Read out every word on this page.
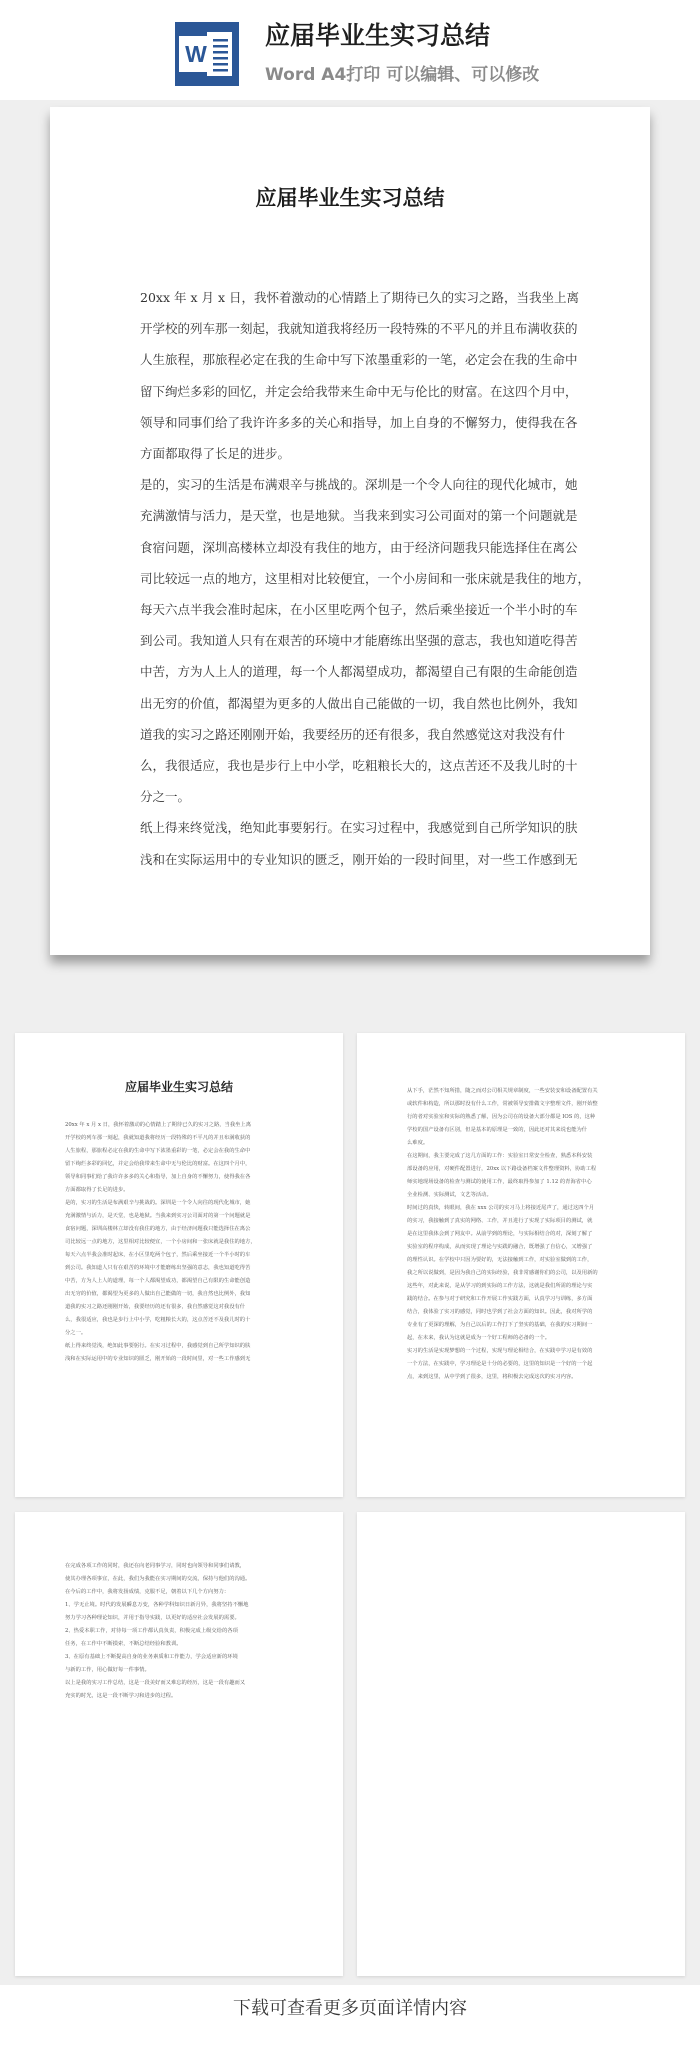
W
应届毕业生实习总结
Word A4打印 可以编辑、可以修改
应届毕业生实习总结

20xx 年 x 月 x 日，我怀着激动的心情踏上了期待已久的实习之路，当我坐上离

开学校的列车那一刻起，我就知道我将经历一段特殊的不平凡的并且布满收获的

人生旅程，那旅程必定在我的生命中写下浓墨重彩的一笔，必定会在我的生命中

留下绚烂多彩的回忆，并定会给我带来生命中无与伦比的财富。在这四个月中，

领导和同事们给了我许许多多的关心和指导，加上自身的不懈努力，使得我在各

方面都取得了长足的进步。

是的，实习的生活是布满艰辛与挑战的。深圳是一个令人向往的现代化城市，她

充满激情与活力，是天堂，也是地狱。当我来到实习公司面对的第一个问题就是

食宿问题，深圳高楼林立却没有我住的地方，由于经济问题我只能选择住在离公

司比较远一点的地方，这里相对比较便宜，一个小房间和一张床就是我住的地方，

每天六点半我会准时起床，在小区里吃两个包子，然后乘坐接近一个半小时的车

到公司。我知道人只有在艰苦的环境中才能磨练出坚强的意志，我也知道吃得苦

中苦，方为人上人的道理，每一个人都渴望成功，都渴望自己有限的生命能创造

出无穷的价值，都渴望为更多的人做出自己能做的一切，我自然也比例外，我知

道我的实习之路还刚刚开始，我要经历的还有很多，我自然感觉这对我没有什

么，我很适应，我也是步行上中小学，吃粗粮长大的，这点苦还不及我儿时的十

分之一。

纸上得来终觉浅，绝知此事要躬行。在实习过程中，我感觉到自己所学知识的肤

浅和在实际运用中的专业知识的匮乏，刚开始的一段时间里，对一些工作感到无

应届毕业生实习总结

20xx 年 x 月 x 日，我怀着激动的心情踏上了期待已久的实习之路，当我坐上离

开学校的列车那一刻起，我就知道我将经历一段特殊的不平凡的并且布满收获的

人生旅程，那旅程必定在我的生命中写下浓墨重彩的一笔，必定会在我的生命中

留下绚烂多彩的回忆，并定会给我带来生命中无与伦比的财富。在这四个月中，

领导和同事们给了我许许多多的关心和指导，加上自身的不懈努力，使得我在各

方面都取得了长足的进步。

是的，实习的生活是布满艰辛与挑战的。深圳是一个令人向往的现代化城市，她

充满激情与活力，是天堂，也是地狱。当我来到实习公司面对的第一个问题就是

食宿问题，深圳高楼林立却没有我住的地方，由于经济问题我只能选择住在离公

司比较远一点的地方，这里相对比较便宜，一个小房间和一张床就是我住的地方，

每天六点半我会准时起床，在小区里吃两个包子，然后乘坐接近一个半小时的车

到公司。我知道人只有在艰苦的环境中才能磨练出坚强的意志，我也知道吃得苦

中苦，方为人上人的道理，每一个人都渴望成功，都渴望自己有限的生命能创造

出无穷的价值，都渴望为更多的人做出自己能做的一切，我自然也比例外，我知

道我的实习之路还刚刚开始，我要经历的还有很多，我自然感觉这对我没有什

么，我很适应，我也是步行上中小学，吃粗粮长大的，这点苦还不及我儿时的十

分之一。

纸上得来终觉浅，绝知此事要躬行。在实习过程中，我感觉到自己所学知识的肤

浅和在实际运用中的专业知识的匮乏，刚开始的一段时间里，对一些工作感到无

从下手，茫然不知所措，随之而对公司相关规章制度，一些安装安和设备配置有关

或软件和构造，所以那时没有什么工作，常被领导安排做文字整理文件，刚开始整

行的者对实验室和实际的熟悉了解，因为公司在的设备大部分都是 IOS 的，这种

学校的国产设备有区别，但是基本的原理是一致的，因此还对其来说也能为什

么难度。

在这期间，我主要完成了这几方面的工作：实验室日常安全检查，熟悉本科安装

部设备的应用，对硬件配置进行，20xx 以下路设备档案文件整理资料，协助工程

师实地现场设备的检查与测试的使用工作，最终取得参加了 1.12 的青海省中心

全业检测、实际测试，文艺等活动。

时间过的真快，转眼间，我在 xxx 公司的实习马上将接近尾声了，通过这四个月

的实习，我接触到了真实的网络、工作，并且进行了实现了实际项目的测试，就

是在这里我体会到了网友中。从前学到的理论，与实际相结合的对，深刻了解了

实验室的程序构成，从而实现了理论与实践的融合，既增强了自信心，又增强了

的理性认识。在学校中只因为要好的，无法接触到工作，对实验室做到的工作，

我之所以说做到，是因为我自己的实际经验，我非常感谢你们的公司，以及用新的

这些年，对此来说，是从学习的到实际的工作方法，这就是我们所需的理论与实

践的结合。在参与对于研究和工作开展工作实践方面，认真学习与训练，多方面

结合，我体验了实习的感觉，同时也学到了社会方面的知识。因此，我对所学的

专业有了更深的理解，为自己以后的工作打下了坚实的基础，在我的实习期间一

起，在未来，我认为这就是成为一个好工程师的必备的一个。

实习的生活是实现梦想的一个过程，实现与理论相结合，在实践中学习是有效的

一个方法，在实践中，学习理论是十分的必要的，这里的知识是一个好的一个起

点，来到这里，从中学到了很多，这里，将积极去完成这次的实习内容。

在完成各项工作的同时，我还在向老同事学习，同时也向领导和同事们请教，

使其办理各项事宜，在此，我们为我能在实习期间的交流，保持与他们的沟通。

在今后的工作中，我将发扬成绩，克服不足，朝着以下几个方向努力：

1、学无止境。时代的发展瞬息万变，各种学科知识日新月异，我将坚持不懈地

努力学习各种理论知识，并用于指导实践，以更好的适应社会发展的需要。

2、热爱本职工作，对待每一项工作都认真负责，积极完成上级交给的各项

任务，在工作中不断摸索，不断总结经验和教训。

3、在原有基础上不断提高自身的业务素质和工作能力，学会适应新的环境

与新的工作，用心做好每一件事情。

以上是我的实习工作总结，这是一段美好而又难忘的经历，这是一段有趣而又

充实的时光，这是一段不断学习和进步的过程。

下载可查看更多页面详情内容
